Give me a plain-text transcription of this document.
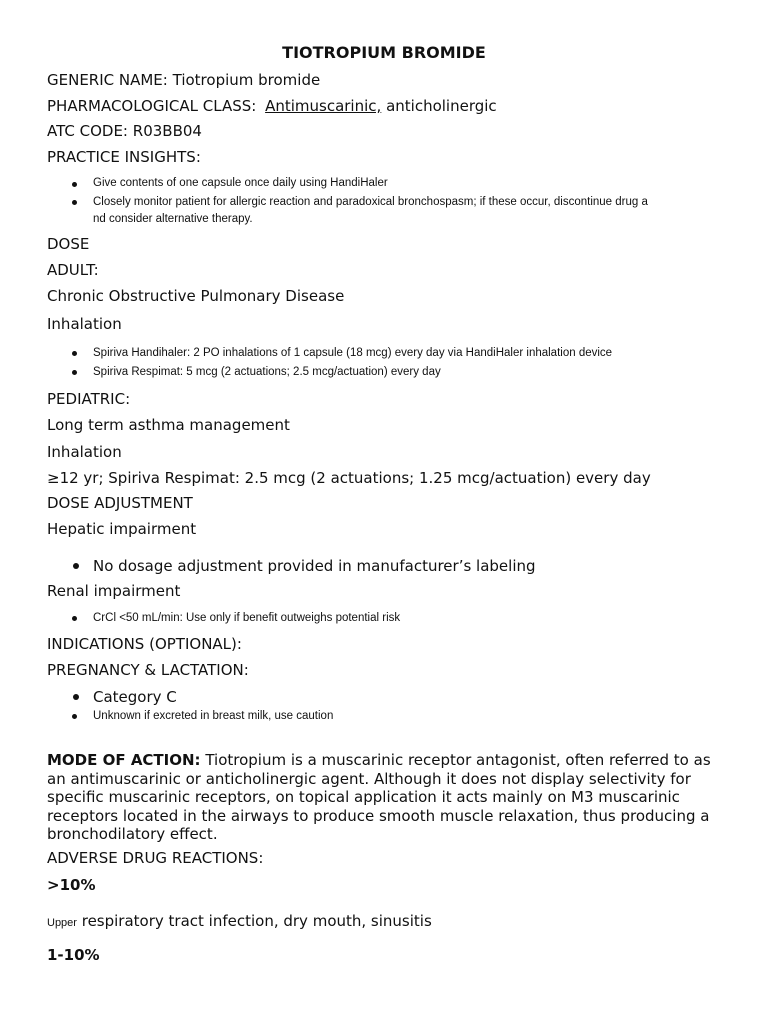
TIOTROPIUM BROMIDE
GENERIC NAME: Tiotropium bromide
PHARMACOLOGICAL CLASS: Antimuscarinic, anticholinergic
ATC CODE: R03BB04
PRACTICE INSIGHTS:
Give contents of one capsule once daily using HandiHaler
Closely monitor patient for allergic reaction and paradoxical bronchospasm; if these occur, discontinue drug a
nd consider alternative therapy.
DOSE
ADULT:
Chronic Obstructive Pulmonary Disease
Inhalation
Spiriva Handihaler: 2 PO inhalations of 1 capsule (18 mcg) every day via HandiHaler inhalation device
Spiriva Respimat: 5 mcg (2 actuations; 2.5 mcg/actuation) every day
PEDIATRIC:
Long term asthma management
Inhalation
≥12 yr; Spiriva Respimat: 2.5 mcg (2 actuations; 1.25 mcg/actuation) every day
DOSE ADJUSTMENT
Hepatic impairment
No dosage adjustment provided in manufacturer’s labeling
Renal impairment
CrCl <50 mL/min: Use only if benefit outweighs potential risk
INDICATIONS (OPTIONAL):
PREGNANCY & LACTATION:
Category C
Unknown if excreted in breast milk, use caution
MODE OF ACTION: Tiotropium is a muscarinic receptor antagonist, often referred to as an antimuscarinic or anticholinergic agent. Although it does not display selectivity for specific muscarinic receptors, on topical application it acts mainly on M3 muscarinic receptors located in the airways to produce smooth muscle relaxation, thus producing a bronchodilatory effect.
ADVERSE DRUG REACTIONS:
>10%
Upper respiratory tract infection, dry mouth, sinusitis
1-10%
